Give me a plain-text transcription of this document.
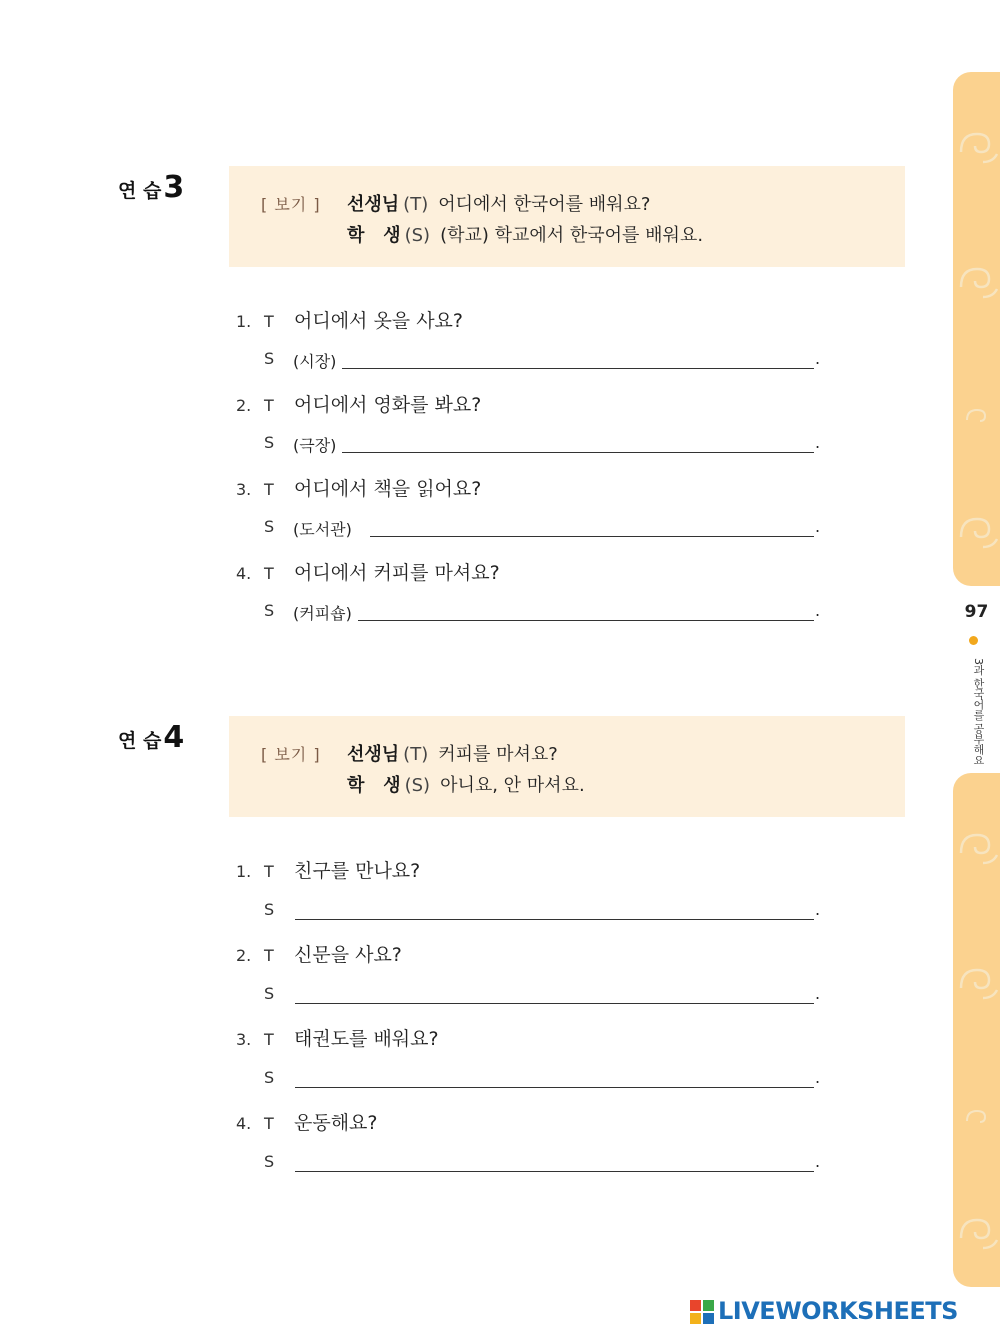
97
3과 한국어를 공부해요
연 습3	[ 보기 ] 선생님 (T) 어디에서 한국어를 배워요?
학   생 (S) (학교) 학교에서 한국어를 배워요.
1. T 어디에서 옷을 사요?
S (시장)	.
2. T 어디에서 영화를 봐요?
S (극장)	.
3. T 어디에서 책을 읽어요?
S (도서관)	.
4. T 어디에서 커피를 마셔요?
S (커피숍)	.
연 습4	[ 보기 ] 선생님 (T) 커피를 마셔요?
학   생 (S) 아니요, 안 마셔요.
1. T 친구를 만나요?
S	.
2. T 신문을 사요?
S	.
3. T 태권도를 배워요?
S	.
4. T 운동해요?
S	.
LIVEWORKSHEETS
